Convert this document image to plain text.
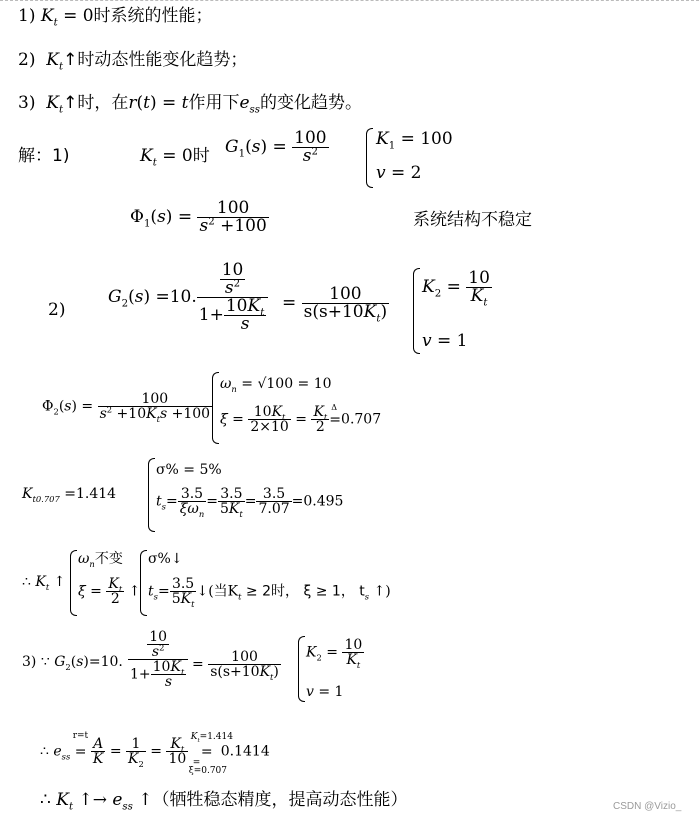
1) $K_t = 0$时系统的性能；
2) $K_t↑$时动态性能变化趋势；
3) $K_t↑$时，在r(t) = t作用下$e_{ss}$的变化趋势。
解：1)	$K_t = 0$时 $G_1(s) = \frac{100}{s^2}$	$K_1 = 100$
v = 2
$\Phi_1(s) = \frac{100}{s^2 +100}$	系统结构不稳定
2)
$G_2(s) =10$. $\frac{\frac{10}{s^2}}{1+ \frac{10K_t}{s}} = \frac{100}{s(s+10K_t)} K_2 = \frac{10}{K_t}$
v = 1
$\Phi_2(s) = \frac{100}{s^2 +10K_ts +100}$
$\omega_n = √100 = 10$
$\xi = \frac{10K_t}{2\times 10} = \frac{K_t}{2}$ =
Δ
0.707
$K_{t0.707} =1.414$
σ% = 5%
$t_s= \frac{3.5}{\xi\omega_n} = \frac{3.5}{5K_t} = \frac{3.5}{7.07} =0.495$
∴ $K_t$ ↑
$\omega_n$不变
$\xi = \frac{K_t}{2}$ ↑
σ%↓
$t_s= \frac{3.5}{5K_t}$ ↓(当$K_t \ge 2$时， ξ ≥ 1， $t_s$ ↑)
3) ∵ $G_2(s)=10$. $\frac{\frac{10}{s^2}}{1+ \frac{10K_t}{s}} = \frac{100}{s(s+10K_t)} K_2 = \frac{10}{K_t}$
v = 1
∴ $e_{ss}$ =
r=t

$\frac{A}{K} = \frac{1}{K_2} = \frac{K_t}{10}$ =
$K_t=1.414$
=
ξ=0.707
0.1414
∴ $K_t$ ↑→ $e_{ss}$ ↑（牺牲稳态精度，提高动态性能）	CSDN @Vizio_
